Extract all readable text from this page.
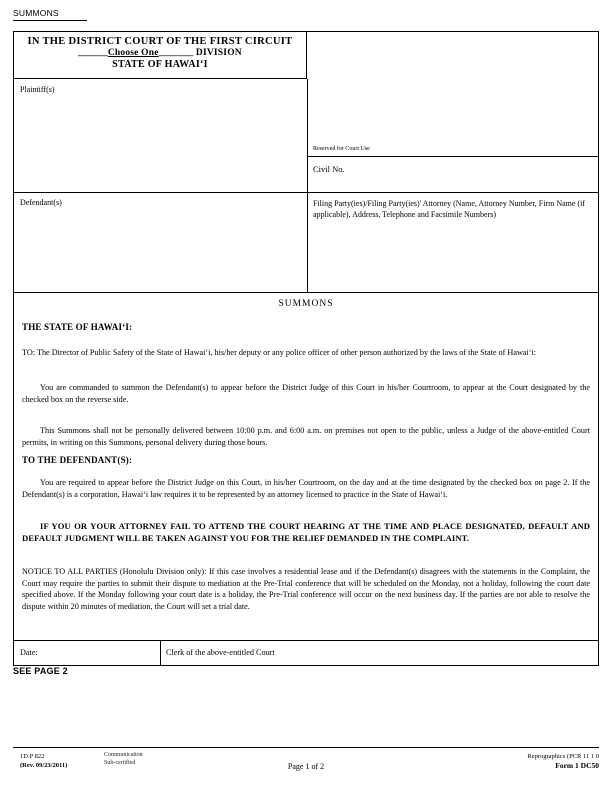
SUMMONS
IN THE DISTRICT COURT OF THE FIRST CIRCUIT
______Choose One_______ DIVISION
STATE OF HAWAI‘I
Plaintiff(s)
Defendant(s)
Reserved for Court Use
Civil No.
Filing Party(ies)/Filing Party(ies)' Attorney (Name, Attorney Number, Firm Name (if applicable), Address, Telephone and Facsimile Numbers)
SUMMONS
THE STATE OF HAWAI‘I:
TO: The Director of Public Safety of the State of Hawai‘i, his/her deputy or any police officer of other person authorized by the laws of the State of Hawai‘i:
You are commanded to summon the Defendant(s) to appear before the District Judge of this Court in his/her Courtroom, to appear at the Court designated by the checked box on the reverse side.
This Summons shall not be personally delivered between 10:00 p.m. and 6:00 a.m. on premises not open to the public, unless a Judge of the above-entitled Court permits, in writing on this Summons, personal delivery during those hours.
TO THE DEFENDANT(S):
You are required to appear before the District Judge on this Court, in his/her Courtroom, on the day and at the time designated by the checked box on page 2. If the Defendant(s) is a corporation, Hawai‘i law requires it to be represented by an attorney licensed to practice in the State of Hawai‘i.
IF YOU OR YOUR ATTORNEY FAIL TO ATTEND THE COURT HEARING AT THE TIME AND PLACE DESIGNATED, DEFAULT AND DEFAULT JUDGMENT WILL BE TAKEN AGAINST YOU FOR THE RELIEF DEMANDED IN THE COMPLAINT.
NOTICE TO ALL PARTIES (Honolulu Division only): If this case involves a residential lease and if the Defendant(s) disagrees with the statements in the Complaint, the Court may require the parties to submit their dispute to mediation at the Pre-Trial conference that will be scheduled on the Monday, not a holiday, following the court date specified above. If the Monday following your court date is a holiday, the Pre-Trial conference will occur on the next business day. If the parties are not able to resolve the dispute within 20 minutes of mediation, the Court will set a trial date.
Date:	Clerk of the above-entitled Court
SEE PAGE 2
1D.P 822
(Rev. 09/23/2011)
Communication
Sub-certified	Page 1 of 2
Reprographics (PCR 11 1 0
Form 1 DC50
